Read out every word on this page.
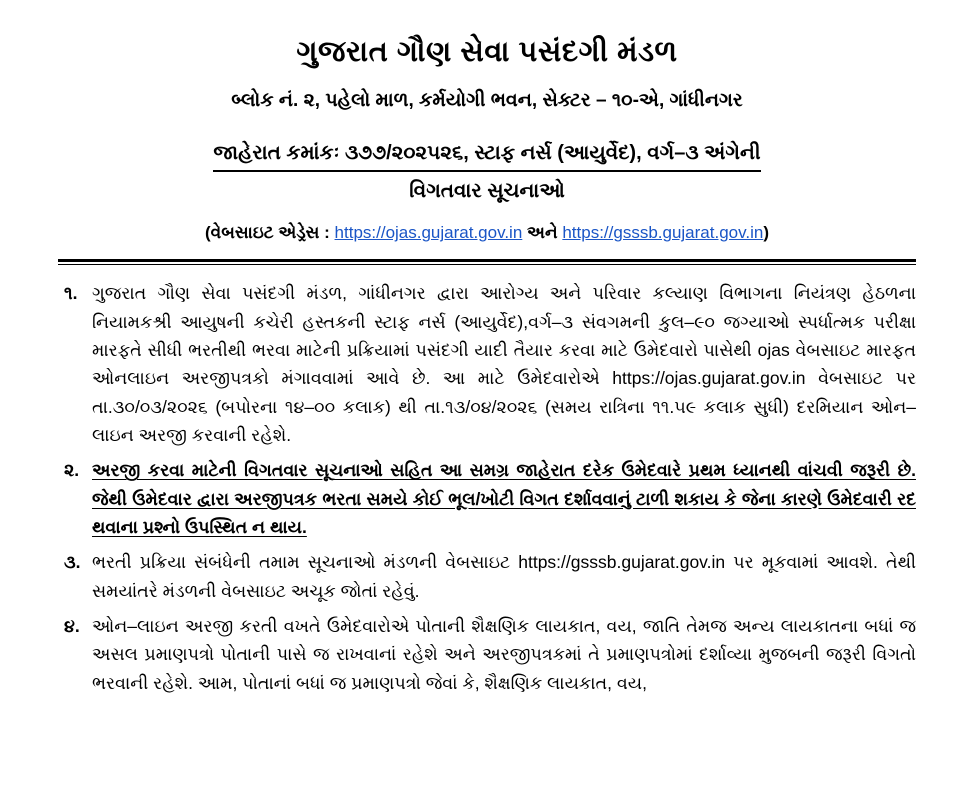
ગુજરાત ગૌણ સેવા પસંદગી મંડળ
બ્લોક નં. ૨, પહેલો માળ, કર્મયોગી ભવન, સેક્ટર – ૧૦-એ, ગાંધીનગર
જાહેરાત કમાંકઃ ૩૭૭/૨૦૨૫૨૬, સ્ટાફ નર્સ (આયુર્વેદ), વર્ગ–૩ અંગેની
વિગતવાર સૂચનાઓ
(વેબસાઇટ એડ્રેસ : https://ojas.gujarat.gov.in અને https://gsssb.gujarat.gov.in)
૧. ગુજરાત ગૌણ સેવા પસંદગી મંડળ, ગાંધીનગર દ્વારા આરોગ્ય અને પરિવાર કલ્યાણ વિભાગના નિયંત્રણ હેઠળના નિયામકશ્રી આયુષની કચેરી હસ્તકની સ્ટાફ નર્સ (આયુર્વેદ),વર્ગ–૩ સંવગમની કુલ–૯૦ જગ્યાઓ સ્પર્ધાત્મક પરીક્ષા મારફતે સીધી ભરતીથી ભરવા માટેની પ્રક્રિયામાં પસંદગી યાદી તૈયાર કરવા માટે ઉમેદવારો પાસેથી ojas વેબસાઇટ મારફત ઓનલાઇન અરજીપત્રકો મંગાવવામાં આવે છે. આ માટે ઉમેદવારોએ https://ojas.gujarat.gov.in વેબસાઇટ પર તા.૩૦/૦૩/૨૦૨૬ (બપોરના ૧૪–૦૦ કલાક) થી તા.૧૩/૦૪/૨૦૨૬ (સમય રાત્રિના ૧૧.૫૯ કલાક સુધી) દરમિયાન ઓન–લાઇન અરજી કરવાની રહેશે.
૨. અરજી કરવા માટેની વિગતવાર સૂચનાઓ સહિત આ સમગ્ર જાહેરાત દરેક ઉમેદવારે પ્રથમ ધ્યાનથી વાંચવી જરૂરી છે. જેથી ઉમેદવાર દ્વારા અરજીપત્રક ભરતા સમયે કોઈ ભૂલ/ખોટી વિગત દર્શાવવાનું ટાળી શકાય કે જેના કારણે ઉમેદવારી રદ થવાના પ્રશ્નો ઉપસ્થિત ન થાય.
૩. ભરતી પ્રક્રિયા સંબંધેની તમામ સૂચનાઓ મંડળની વેબસાઇટ https://gsssb.gujarat.gov.in પર મૂકવામાં આવશે. તેથી સમયાંતરે મંડળની વેબસાઇટ અચૂક જોતાં રહેવું.
૪. ઓન–લાઇન અરજી કરતી વખતે ઉમેદવારોએ પોતાની શૈક્ષણિક લાયકાત, વય, જાતિ તેમજ અન્ય લાયકાતના બધાં જ અસલ પ્રમાણપત્રો પોતાની પાસે જ રાખવાનાં રહેશે અને અરજીપત્રકમાં તે પ્રમાણપત્રોમાં દર્શાવ્યા મુજબની જરૂરી વિગતો ભરવાની રહેશે. આમ, પોતાનાં બધાં જ પ્રમાણપત્રો જેવાં કે, શૈક્ષણિક લાયકાત, વય,
